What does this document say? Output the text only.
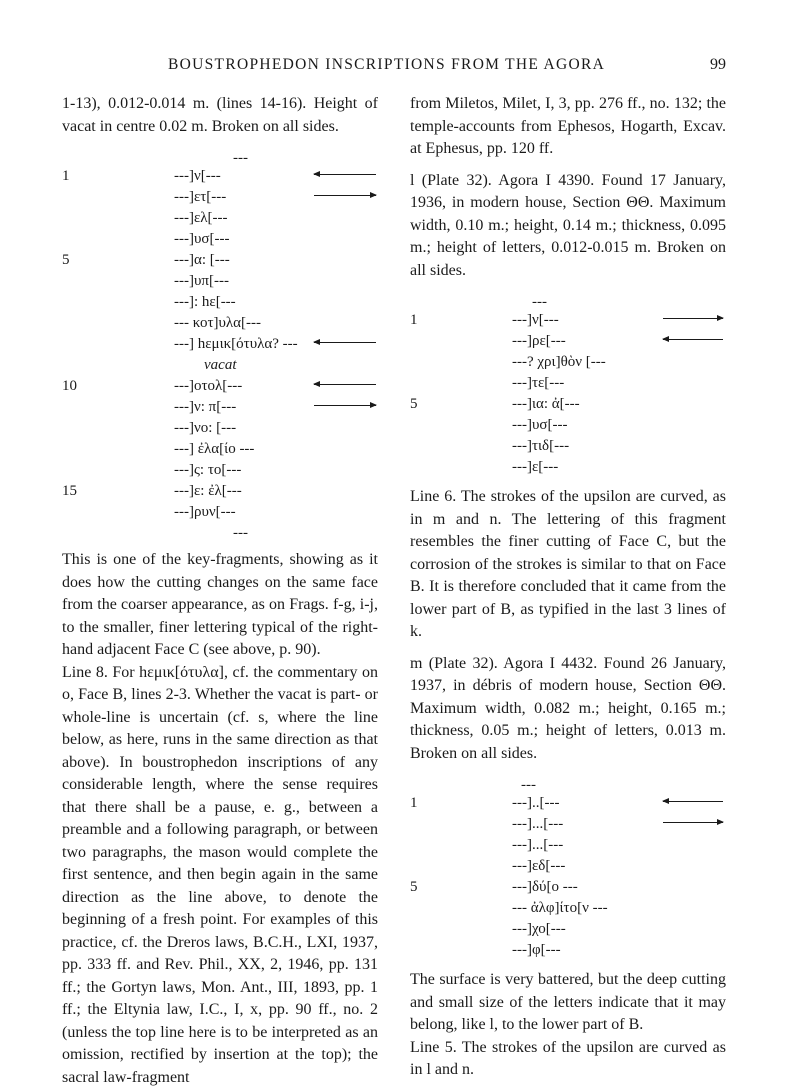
BOUSTROPHEDON INSCRIPTIONS FROM THE AGORA	99

1-13), 0.012-0.014 m. (lines 14-16). Height of vacat in centre 0.02 m. Broken on all sides.

---
1	---]ν[---
---]ετ[---
---]ελ[---
---]υσ[---
5	---]α: [---
---]υπ[---
---]: hε[---
--- κοτ]υλα[---
---] hεμικ[ότυλα? ---
vacat
10	---]οτολ[---
---]ν: π[---
---]νο: [---
---] ἐλα[ίο ---
---]ς: το[---
15	---]ε: ἐλ[---
---]ρυν[---
---

This is one of the key-fragments, showing as it does how the cutting changes on the same face from the coarser appearance, as on Frags. f-g, i-j, to the smaller, finer lettering typical of the right-hand adjacent Face C (see above, p. 90).

Line 8. For hεμικ[ότυλα], cf. the commentary on o, Face B, lines 2-3. Whether the vacat is part- or whole-line is uncertain (cf. s, where the line below, as here, runs in the same direction as that above). In boustrophedon inscriptions of any considerable length, where the sense requires that there shall be a pause, e. g., between a preamble and a following paragraph, or between two paragraphs, the mason would complete the first sentence, and then begin again in the same direction as the line above, to denote the beginning of a fresh point. For examples of this practice, cf. the Dreros laws, B.C.H., LXI, 1937, pp. 333 ff. and Rev. Phil., XX, 2, 1946, pp. 131 ff.; the Gortyn laws, Mon. Ant., III, 1893, pp. 1 ff.; the Eltynia law, I.C., I, x, pp. 90 ff., no. 2 (unless the top line here is to be interpreted as an omission, rectified by insertion at the top); the sacral law-fragment

from Miletos, Milet, I, 3, pp. 276 ff., no. 132; the temple-accounts from Ephesos, Hogarth, Excav. at Ephesus, pp. 120 ff.

l (Plate 32). Agora I 4390. Found 17 January, 1936, in modern house, Section ΘΘ. Maximum width, 0.10 m.; height, 0.14 m.; thickness, 0.095 m.; height of letters, 0.012-0.015 m. Broken on all sides.

---
1	---]ν[---
---]ρε[---
---? χρι]θὸν [---
---]τε[---
5	---]ια: ἀ[---
---]υσ[---
---]τιδ[---
---]ε[---

Line 6. The strokes of the upsilon are curved, as in m and n. The lettering of this fragment resembles the finer cutting of Face C, but the corrosion of the strokes is similar to that on Face B. It is therefore concluded that it came from the lower part of B, as typified in the last 3 lines of k.

m (Plate 32). Agora I 4432. Found 26 January, 1937, in débris of modern house, Section ΘΘ. Maximum width, 0.082 m.; height, 0.165 m.; thickness, 0.05 m.; height of letters, 0.013 m. Broken on all sides.

---
1	---]..[---
---]...[---
---]...[---
---]εδ[---
5	---]δύ[ο ---
--- ἀλφ]ίτο[ν ---
---]χο[---
---]φ[---

The surface is very battered, but the deep cutting and small size of the letters indicate that it may belong, like l, to the lower part of B.

Line 5. The strokes of the upsilon are curved as in l and n.
